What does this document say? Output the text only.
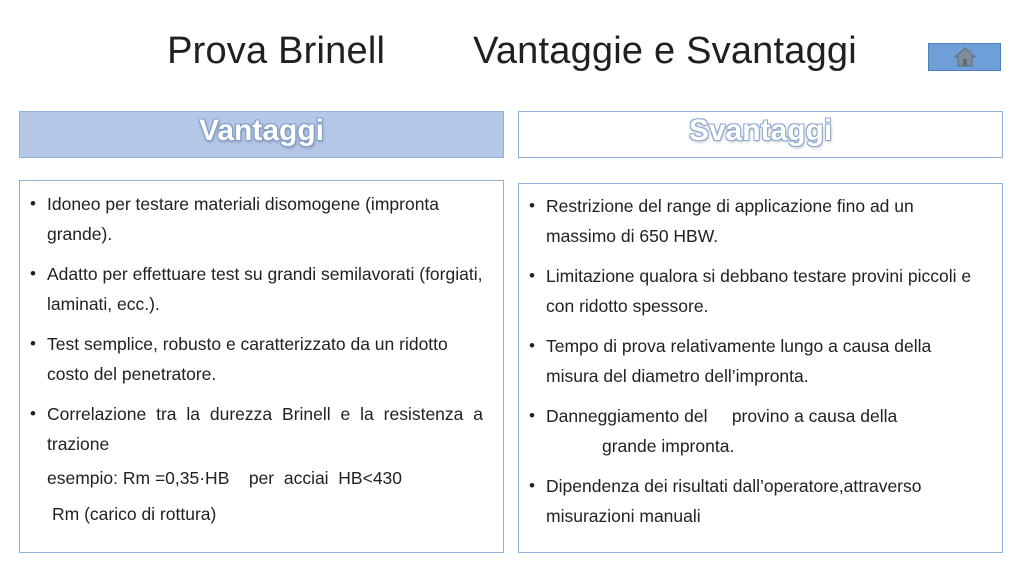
Prova Brinell Vantaggie e Svantaggi
Vantaggi	Svantaggi
• Idoneo per testare materiali disomogene (impronta grande).
• Adatto per effettuare test su grandi semilavorati (forgiati, laminati, ecc.).
• Test semplice, robusto e caratterizzato da un ridotto costo del penetratore.
• Correlazione tra la durezza Brinell e la resistenza a trazione
esempio: Rm =0,35·HB    per  acciai  HB<430
Rm (carico di rottura)
• Restrizione del range di applicazione fino ad un massimo di 650 HBW.
• Limitazione qualora si debbano testare provini piccoli e con ridotto spessore.
• Tempo di prova relativamente lungo a causa della misura del diametro dell’impronta.
• Danneggiamento del     provino a causa della
grande impronta.
• Dipendenza dei risultati dall’operatore,attraverso misurazioni manuali
